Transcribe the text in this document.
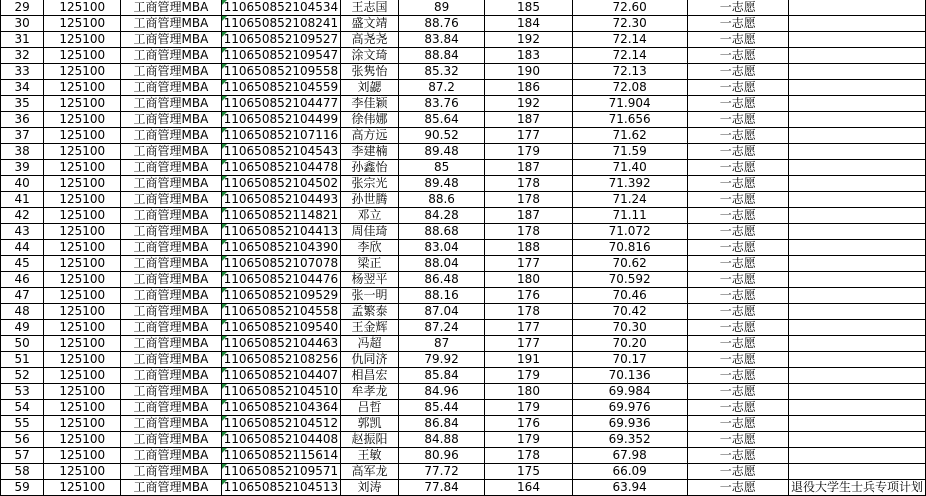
29	125100	工商管理MBA	110650852104534	王志国	89	185	72.60	一志愿	
30	125100	工商管理MBA	110650852108241	盛文靖	88.76	184	72.30	一志愿	
31	125100	工商管理MBA	110650852109527	高尧尧	83.84	192	72.14	一志愿	
32	125100	工商管理MBA	110650852109547	涂文琦	88.84	183	72.14	一志愿	
33	125100	工商管理MBA	110650852109558	张隽怡	85.32	190	72.13	一志愿	
34	125100	工商管理MBA	110650852104559	刘勰	87.2	186	72.08	一志愿	
35	125100	工商管理MBA	110650852104477	李佳颖	83.76	192	71.904	一志愿	
36	125100	工商管理MBA	110650852104499	徐伟娜	85.64	187	71.656	一志愿	
37	125100	工商管理MBA	110650852107116	高方远	90.52	177	71.62	一志愿	
38	125100	工商管理MBA	110650852104543	李建楠	89.48	179	71.59	一志愿	
39	125100	工商管理MBA	110650852104478	孙鑫怡	85	187	71.40	一志愿	
40	125100	工商管理MBA	110650852104502	张宗光	89.48	178	71.392	一志愿	
41	125100	工商管理MBA	110650852104493	孙世腾	88.6	178	71.24	一志愿	
42	125100	工商管理MBA	110650852114821	邓立	84.28	187	71.11	一志愿	
43	125100	工商管理MBA	110650852104413	周佳琦	88.68	178	71.072	一志愿	
44	125100	工商管理MBA	110650852104390	李欣	83.04	188	70.816	一志愿	
45	125100	工商管理MBA	110650852107078	梁正	88.04	177	70.62	一志愿	
46	125100	工商管理MBA	110650852104476	杨翌平	86.48	180	70.592	一志愿	
47	125100	工商管理MBA	110650852109529	张一明	88.16	176	70.46	一志愿	
48	125100	工商管理MBA	110650852104558	孟繁泰	87.04	178	70.42	一志愿	
49	125100	工商管理MBA	110650852109540	王金辉	87.24	177	70.30	一志愿	
50	125100	工商管理MBA	110650852104463	冯超	87	177	70.20	一志愿	
51	125100	工商管理MBA	110650852108256	仇同济	79.92	191	70.17	一志愿	
52	125100	工商管理MBA	110650852104407	相昌宏	85.84	179	70.136	一志愿	
53	125100	工商管理MBA	110650852104510	牟孝龙	84.96	180	69.984	一志愿	
54	125100	工商管理MBA	110650852104364	吕哲	85.44	179	69.976	一志愿	
55	125100	工商管理MBA	110650852104512	郭凯	86.84	176	69.936	一志愿	
56	125100	工商管理MBA	110650852104408	赵振阳	84.88	179	69.352	一志愿	
57	125100	工商管理MBA	110650852115614	王敏	80.96	178	67.98	一志愿	
58	125100	工商管理MBA	110650852109571	高军龙	77.72	175	66.09	一志愿	
59	125100	工商管理MBA	110650852104513	刘涛	77.84	164	63.94	一志愿	退役大学生士兵专项计划
